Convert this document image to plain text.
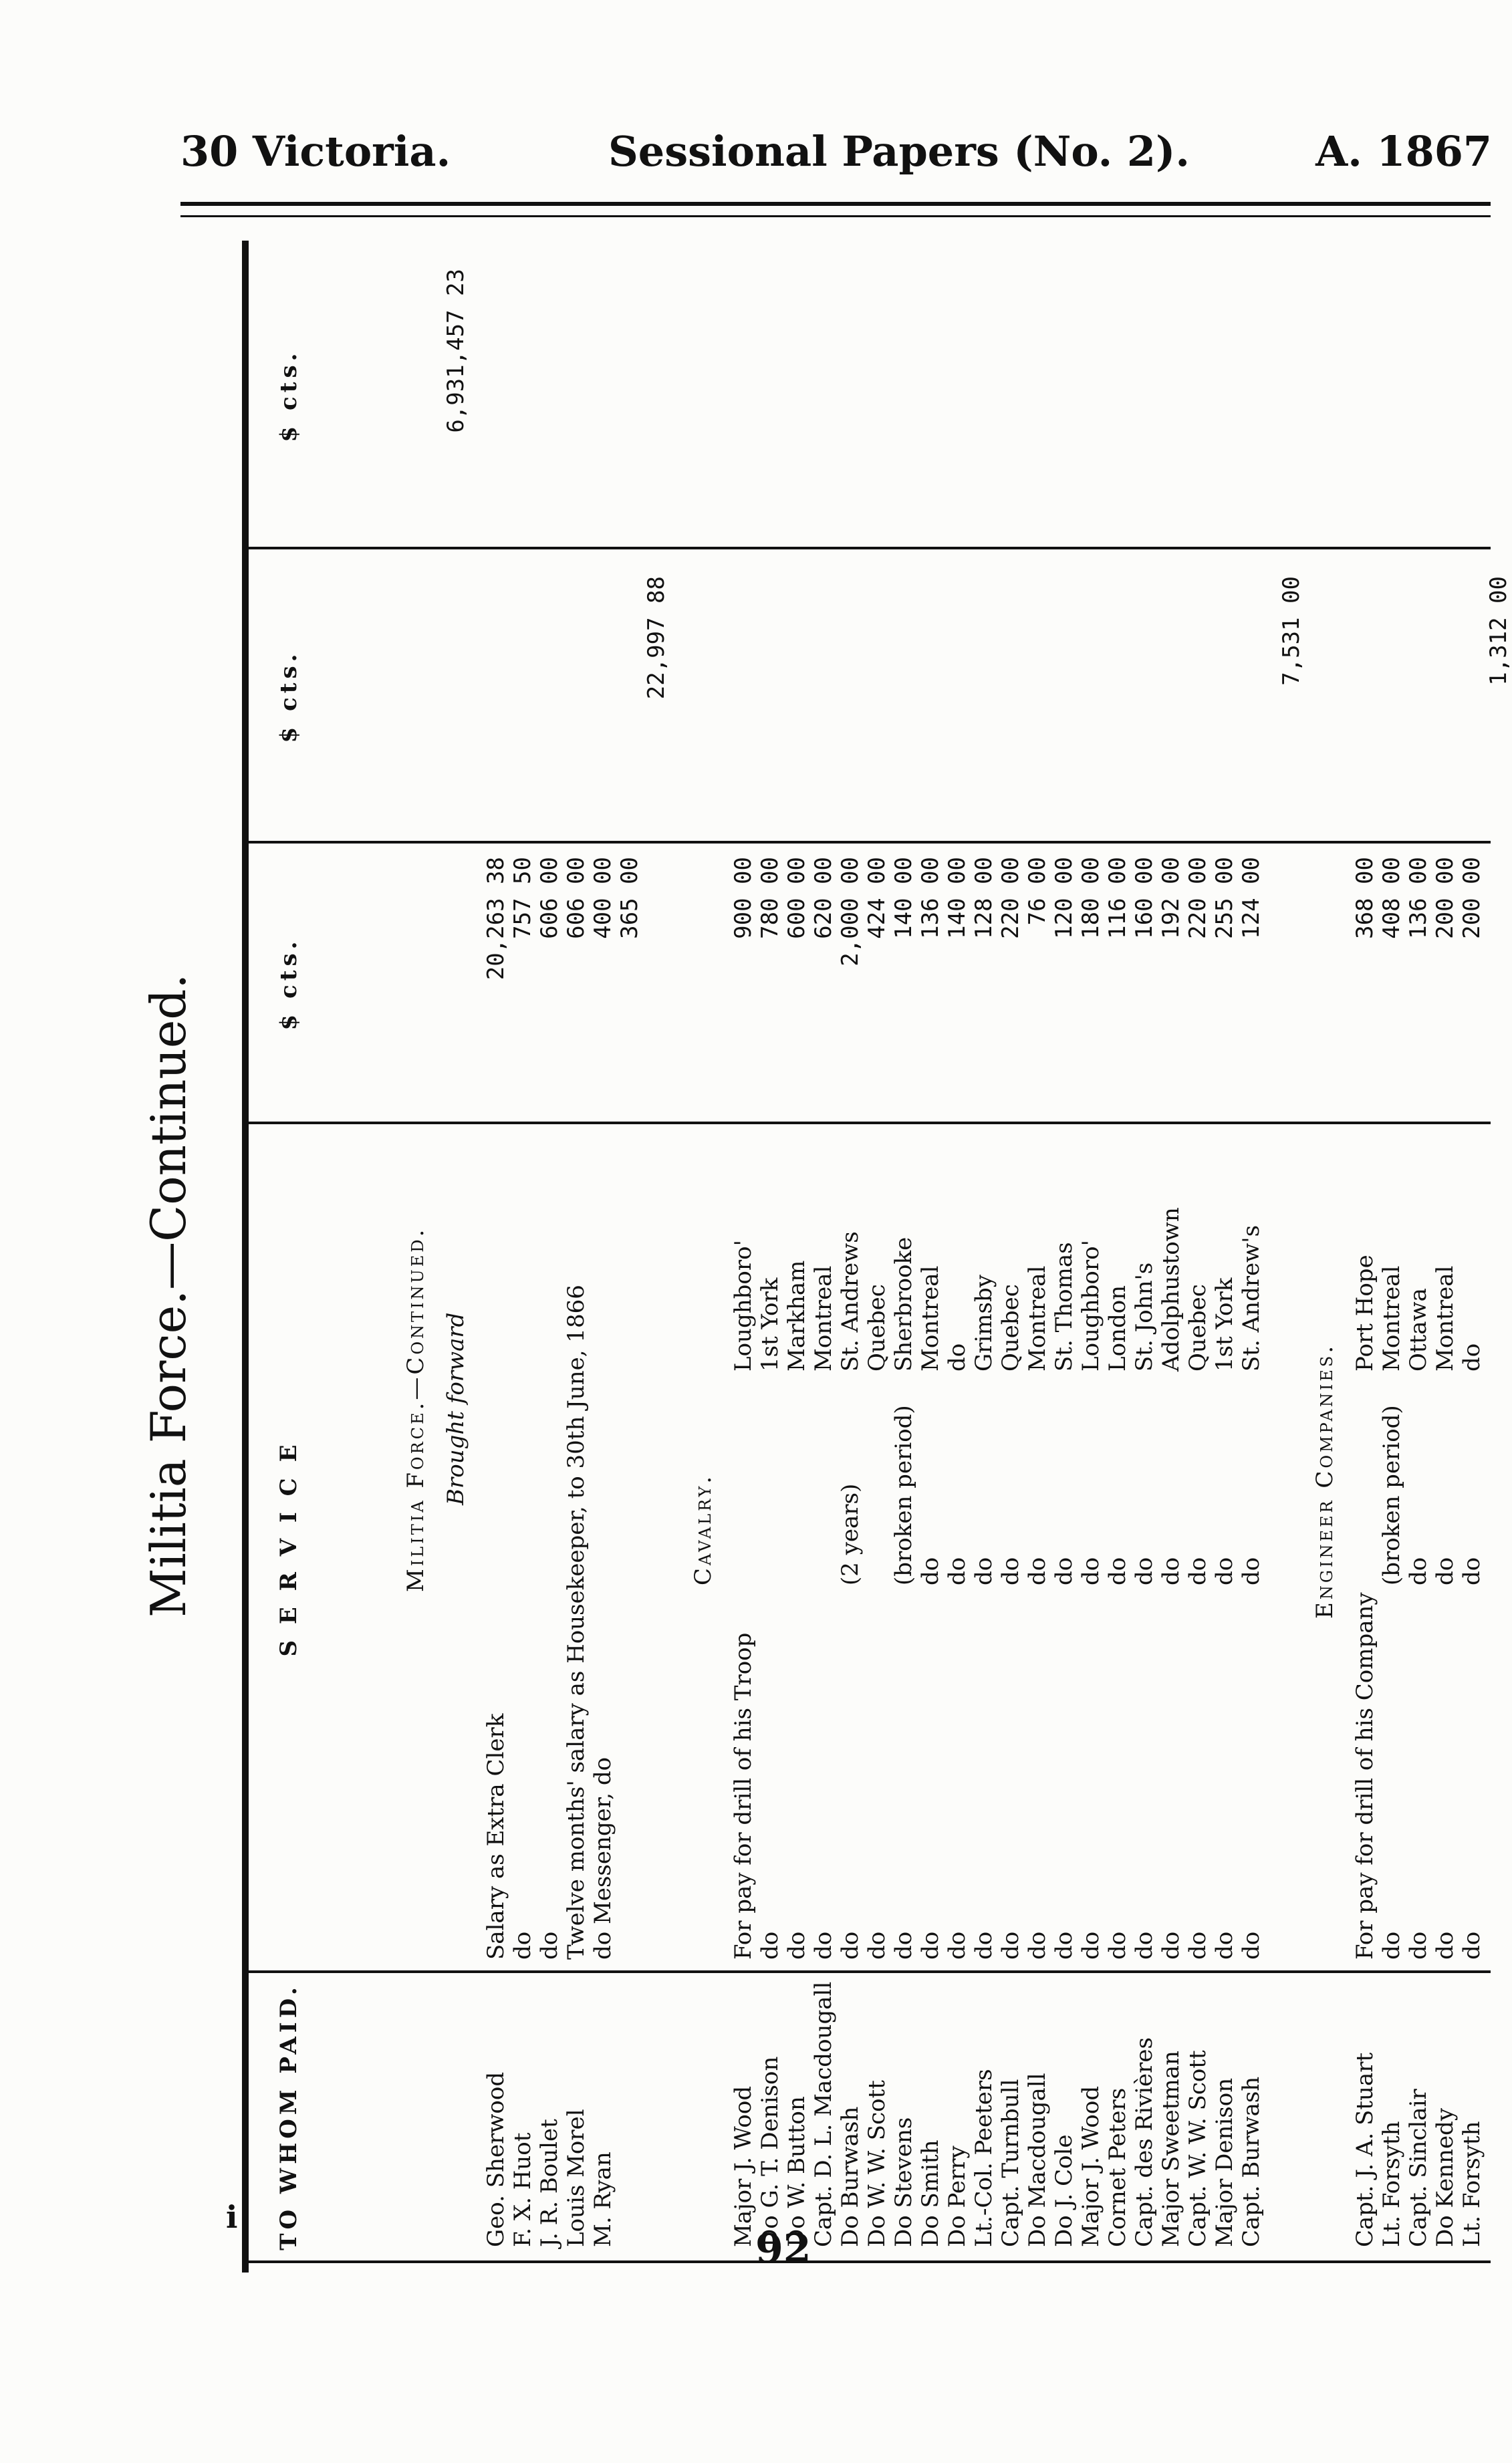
30 Victoria.	Sessional Papers (No. 2).	A. 1867
Militia Force.—Continued.
TO WHOM PAID.
S E R V I C E
$ cts.
$ cts.
$ cts.
Militia Force.—Continued. Brought forward
6,931,457 23
Geo. Sherwood
Salary as Extra Clerk
20,263 38
F. X. Huot
do
757 50
J. R. Boulet
do
606 00
Louis Morel
Twelve months' salary as Housekeeper, to 30th June, 1866
606 00
M. Ryan
do Messenger, do
400 00 365 00
22,997 88
Cavalry.
Major J. Wood
For pay for drill of his Troop
Loughboro'
900 00
Do G. T. Denison
do
1st York
780 00
Do W. Button
do
Markham
600 00
Capt. D. L. Macdougall
do
Montreal
620 00
Do Burwash
do
(2 years)
St. Andrews
2,000 00
Do W. W. Scott
do
Quebec
424 00
Do Stevens
do
(broken period)
Sherbrooke
140 00
Do Smith
do
do
Montreal
136 00
Do Perry
do
do
do
140 00
Lt.-Col. Peeters
do
do
Grimsby
128 00
Capt. Turnbull
do
do
Quebec
220 00
Do Macdougall
do
do
Montreal
76 00
Do J. Cole
do
do
St. Thomas
120 00
Major J. Wood
do
do
Loughboro'
180 00
Cornet Peters
do
do
London
116 00
Capt. des Rivières
do
do
St. John's
160 00
Major Sweetman
do
do
Adolphustown
192 00
Capt. W. W. Scott
do
do
Quebec
220 00
Major Denison
do
do
1st York
255 00
Capt. Burwash
do
do
St. Andrew's
124 00
7,531 00
Engineer Companies.
Capt. J. A. Stuart
For pay for drill of his Company
Port Hope
368 00
Lt. Forsyth
do
(broken period)
Montreal
408 00
Capt. Sinclair
do
do
Ottawa
136 00
Do Kennedy
do
do
Montreal
200 00
Lt. Forsyth
do
do
do
200 00
1,312 00
92
i
